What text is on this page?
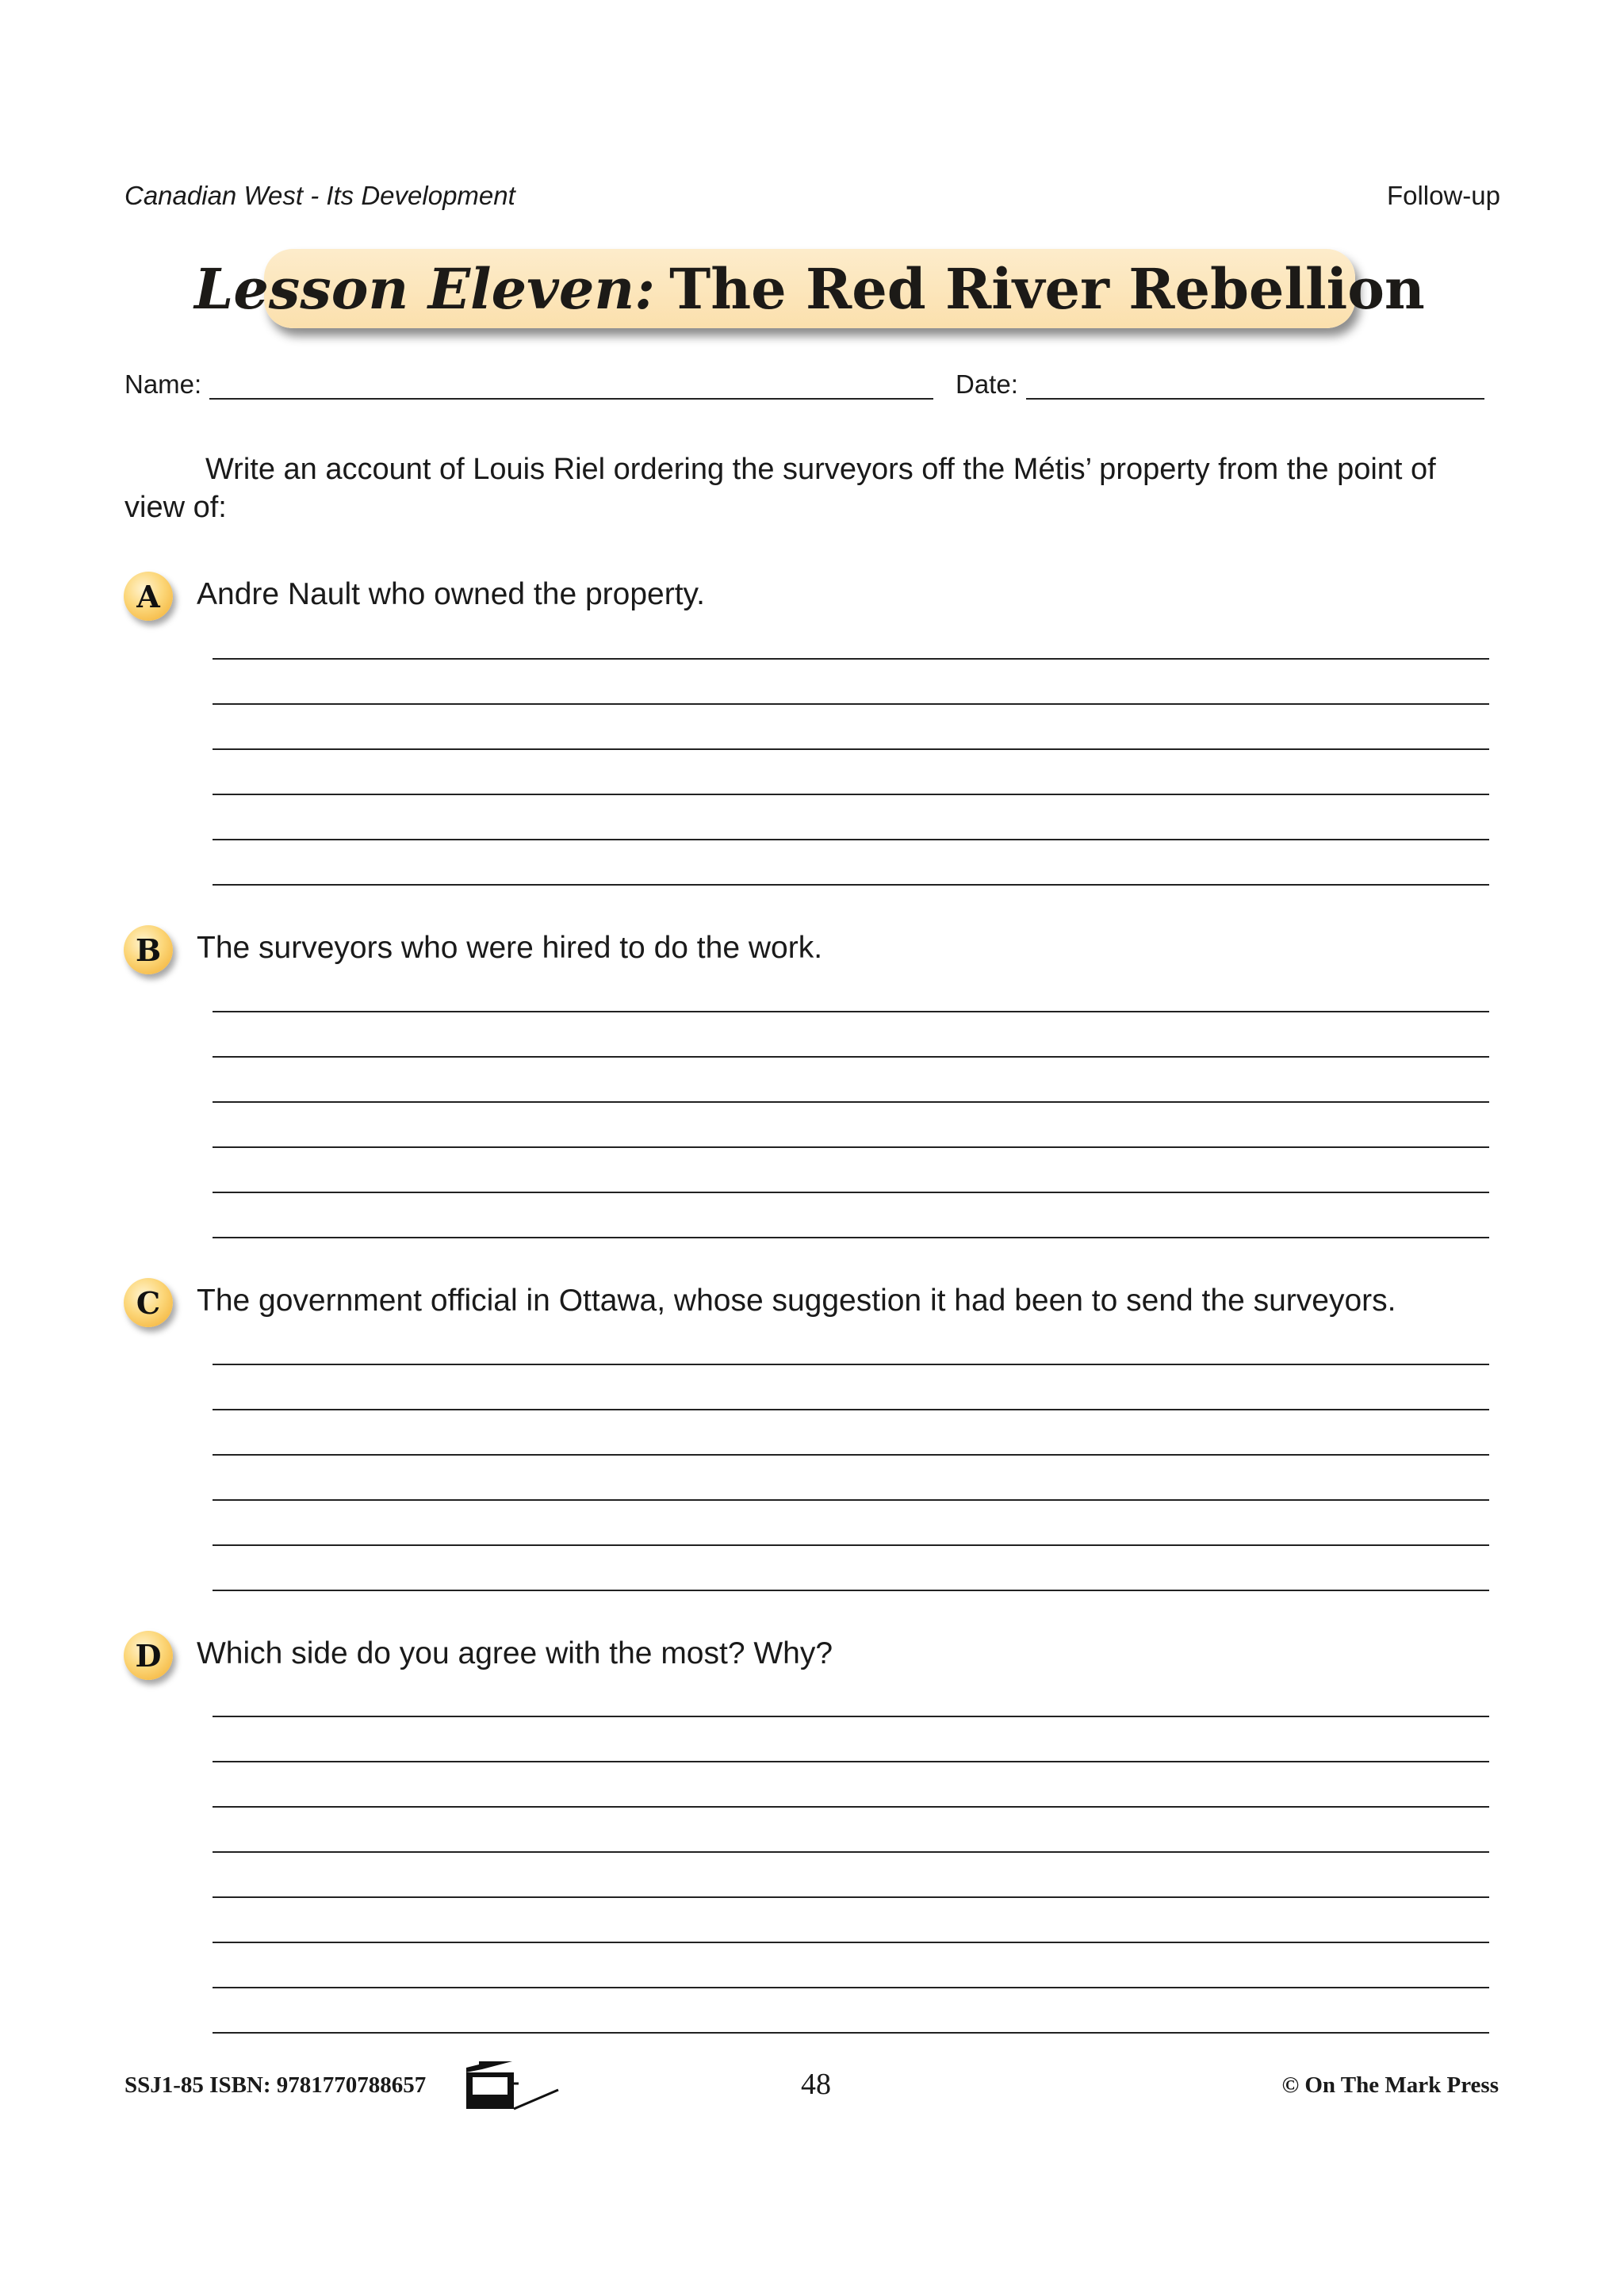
Canadian West - Its Development	Follow-up
Lesson Eleven: The Red River Rebellion
Name:	Date:
Write an account of Louis Riel ordering the surveyors off the Métis’ property from the point of view of:
A	Andre Nault who owned the property.
B	The surveyors who were hired to do the work.
C	The government official in Ottawa, whose suggestion it had been to send the surveyors.
D	Which side do you agree with the most? Why?
SSJ1-85 ISBN: 9781770788657	48	© On The Mark Press
